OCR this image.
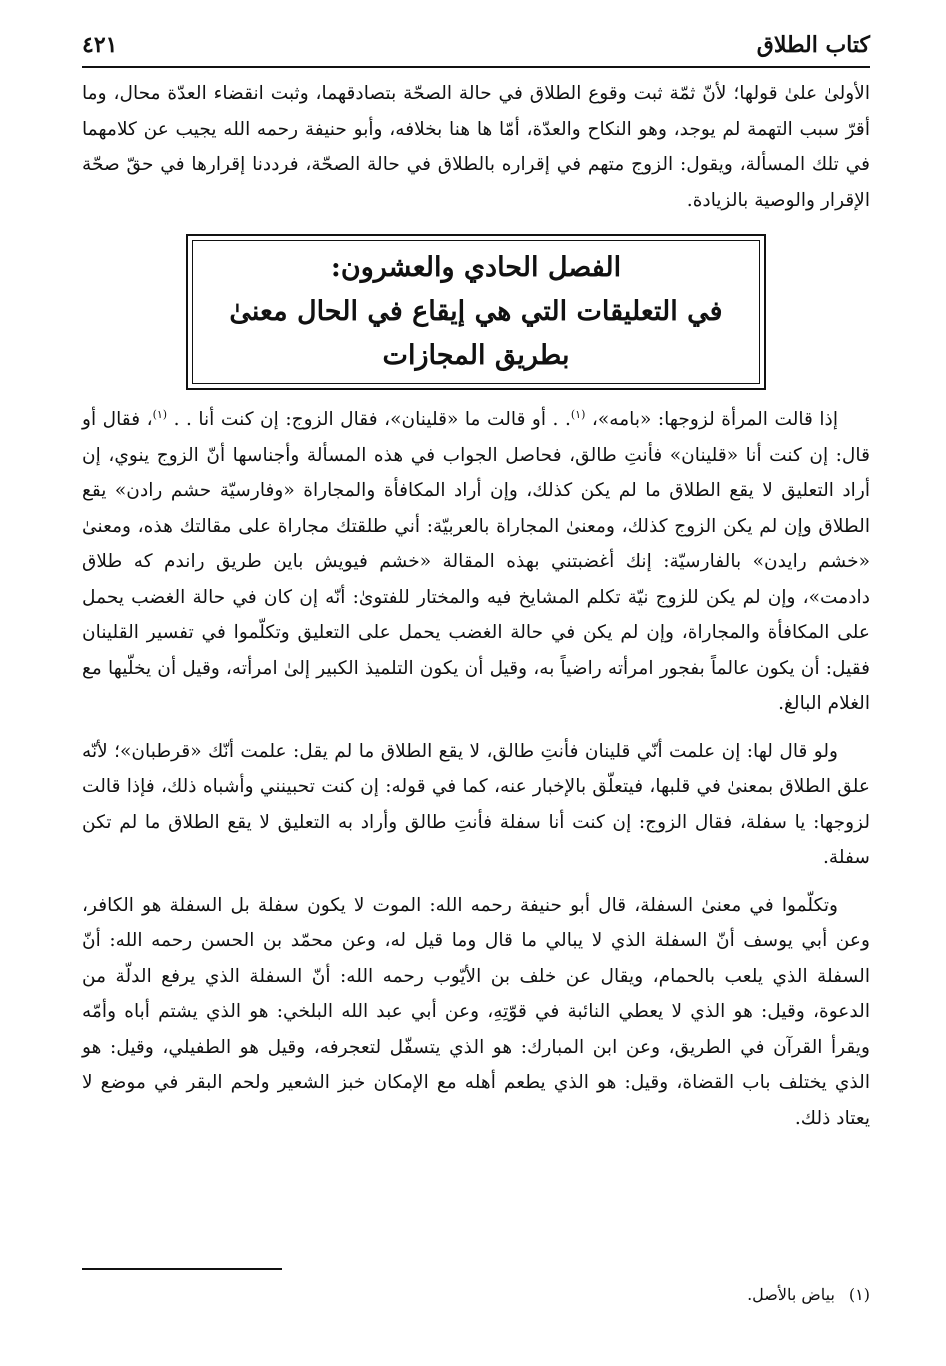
كتاب الطلاق
٤٢١

الأولىٰ علىٰ قولها؛ لأنّ ثمّة ثبت وقوع الطلاق في حالة الصحّة بتصادقهما، وثبت انقضاء العدّة محال، وما أقرّ سبب التهمة لم يوجد، وهو النكاح والعدّة، أمّا ها هنا بخلافه، وأبو حنيفة رحمه الله يجيب عن كلامهما في تلك المسألة، ويقول: الزوج متهم في إقراره بالطلاق في حالة الصحّة، فرددنا إقرارها في حقّ صحّة الإقرار والوصية بالزيادة.

الفصل الحادي والعشرون:
في التعليقات التي هي إيقاع في الحال معنىٰ
بطريق المجازات

إذا قالت المرأة لزوجها: «بامه»، $^{(١)}$. . أو قالت ما «قلينان»، فقال الزوج: إن كنت أنا . . $^{(١)}$، فقال أو قال: إن كنت أنا «قلينان» فأنتِ طالق، فحاصل الجواب في هذه المسألة وأجناسها أنّ الزوج ينوي، إن أراد التعليق لا يقع الطلاق ما لم يكن كذلك، وإن أراد المكافأة والمجاراة «وفارسيّة حشم رادن» يقع الطلاق وإن لم يكن الزوج كذلك، ومعنىٰ المجاراة بالعربيّة: أني طلقتك مجاراة على مقالتك هذه، ومعنىٰ «خشم رايدن» بالفارسيّة: إنك أغضبتني بهذه المقالة «خشم فيويش باين طريق راندم كه طلاق دادمت»، وإن لم يكن للزوج نيّة تكلم المشايخ فيه والمختار للفتوىٰ: أنّه إن كان في حالة الغضب يحمل على المكافأة والمجاراة، وإن لم يكن في حالة الغضب يحمل على التعليق وتكلّموا في تفسير القلينان فقيل: أن يكون عالماً بفجور امرأته راضياً به، وقيل أن يكون التلميذ الكبير إلىٰ امرأته، وقيل أن يخلّيها مع الغلام البالغ.

ولو قال لها: إن علمت أنّي قلينان فأنتِ طالق، لا يقع الطلاق ما لم يقل: علمت أنّك «قرطبان»؛ لأنّه علق الطلاق بمعنىٰ في قلبها، فيتعلّق بالإخبار عنه، كما في قوله: إن كنت تحبينني وأشباه ذلك، فإذا قالت لزوجها: يا سفلة، فقال الزوج: إن كنت أنا سفلة فأنتِ طالق وأراد به التعليق لا يقع الطلاق ما لم تكن سفلة.

وتكلّموا في معنىٰ السفلة، قال أبو حنيفة رحمه الله: الموت لا يكون سفلة بل السفلة هو الكافر، وعن أبي يوسف أنّ السفلة الذي لا يبالي ما قال وما قيل له، وعن محمّد بن الحسن رحمه الله: أنّ السفلة الذي يلعب بالحمام، ويقال عن خلف بن الأيّوب رحمه الله: أنّ السفلة الذي يرفع الدلّة من الدعوة، وقيل: هو الذي لا يعطي النائبة في قوّتِهِ، وعن أبي عبد الله البلخي: هو الذي يشتم أباه وأمّه ويقرأ القرآن في الطريق، وعن ابن المبارك: هو الذي يتسفّل لتعجرفه، وقيل هو الطفيلي، وقيل: هو الذي يختلف باب القضاة، وقيل: هو الذي يطعم أهله مع الإمكان خبز الشعير ولحم البقر في موضع لا يعتاد ذلك.

(١)بياض بالأصل.
